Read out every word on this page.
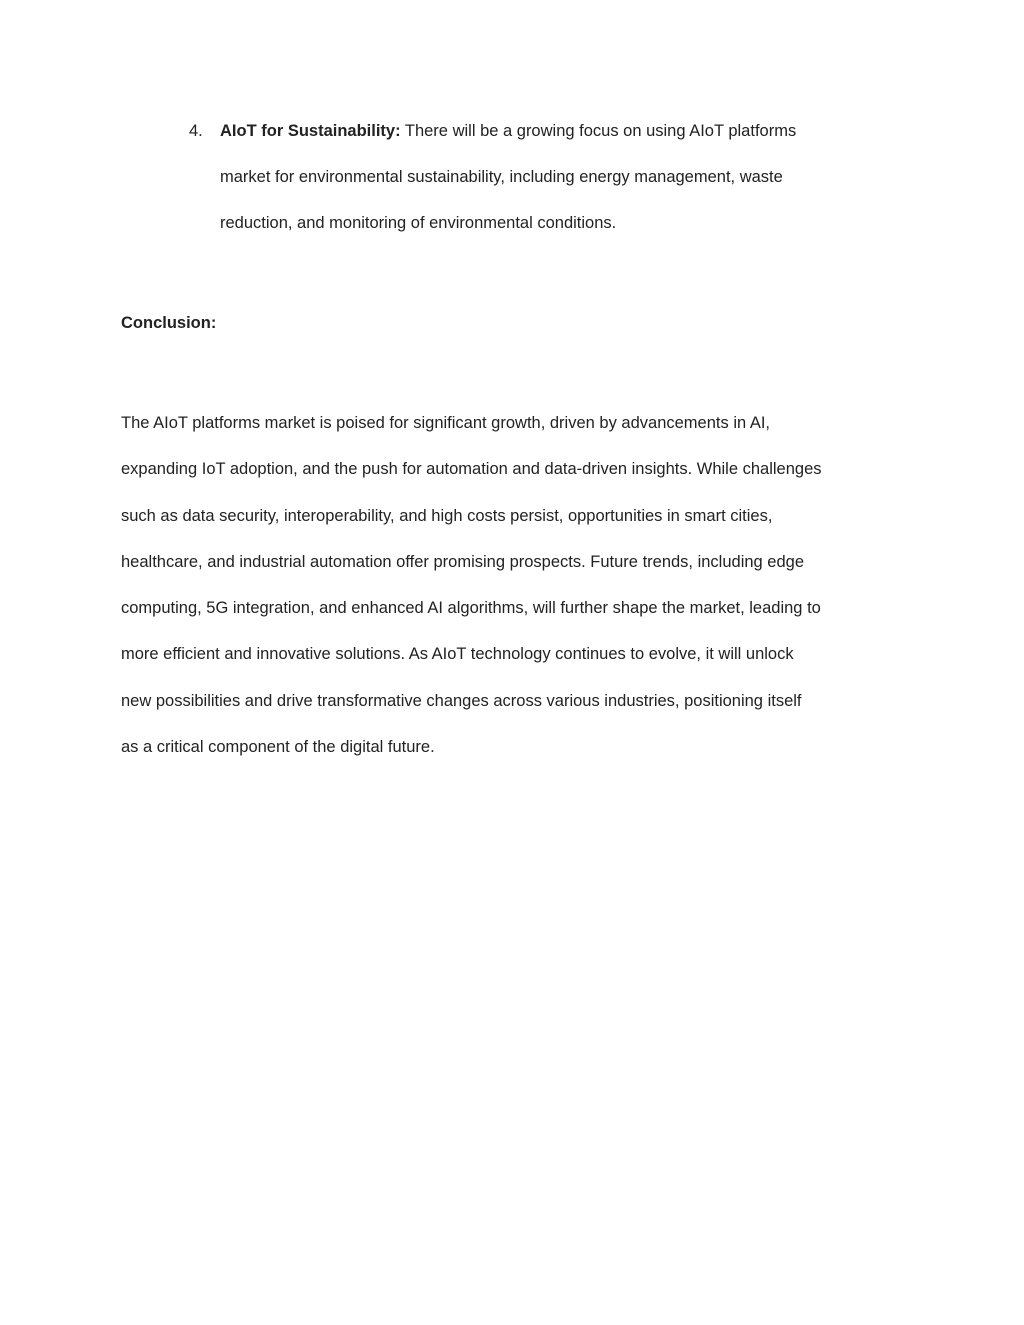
4. AIoT for Sustainability: There will be a growing focus on using AIoT platforms
market for environmental sustainability, including energy management, waste
reduction, and monitoring of environmental conditions.
Conclusion:
The AIoT platforms market is poised for significant growth, driven by advancements in AI,
expanding IoT adoption, and the push for automation and data-driven insights. While challenges
such as data security, interoperability, and high costs persist, opportunities in smart cities,
healthcare, and industrial automation offer promising prospects. Future trends, including edge
computing, 5G integration, and enhanced AI algorithms, will further shape the market, leading to
more efficient and innovative solutions. As AIoT technology continues to evolve, it will unlock
new possibilities and drive transformative changes across various industries, positioning itself
as a critical component of the digital future.
